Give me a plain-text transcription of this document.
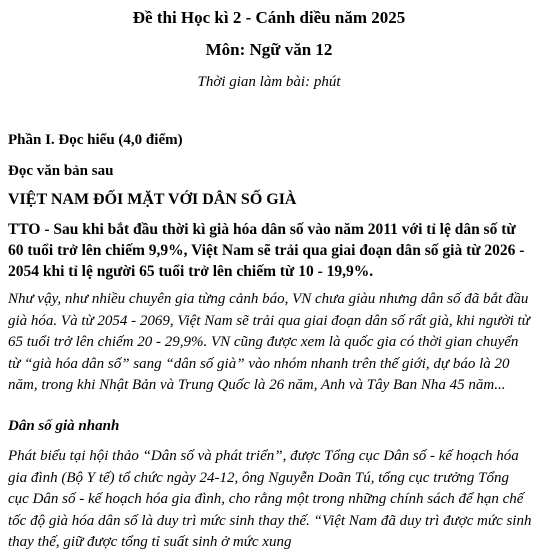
Đề thi Học kì 2 - Cánh diều năm 2025
Môn: Ngữ văn 12
Thời gian làm bài: phút
Phần I. Đọc hiểu (4,0 điểm)
Đọc văn bản sau
VIỆT NAM ĐỐI MẶT VỚI DÂN SỐ GIÀ
TTO - Sau khi bắt đầu thời kì già hóa dân số vào năm 2011 với tỉ lệ dân số từ 60 tuổi trở lên chiếm 9,9%, Việt Nam sẽ trải qua giai đoạn dân số già từ 2026 - 2054 khi tỉ lệ người 65 tuổi trở lên chiếm từ 10 - 19,9%.
Như vậy, như nhiều chuyên gia từng cảnh báo, VN chưa giàu nhưng dân số đã bắt đầu già hóa. Và từ 2054 - 2069, Việt Nam sẽ trải qua giai đoạn dân số rất già, khi người từ 65 tuổi trở lên chiếm 20 - 29,9%. VN cũng được xem là quốc gia có thời gian chuyển từ “già hóa dân số” sang “dân số già” vào nhóm nhanh trên thế giới, dự báo là 20 năm, trong khi Nhật Bản và Trung Quốc là 26 năm, Anh và Tây Ban Nha 45 năm...
Dân số già nhanh
Phát biểu tại hội thảo “Dân số và phát triển”, được Tổng cục Dân số - kế hoạch hóa gia đình (Bộ Y tế) tổ chức ngày 24-12, ông Nguyễn Doãn Tú, tổng cục trưởng Tổng cục Dân số - kế hoạch hóa gia đình, cho rằng một trong những chính sách để hạn chế tốc độ già hóa dân số là duy trì mức sinh thay thế. “Việt Nam đã duy trì được mức sinh thay thế, giữ được tổng tỉ suất sinh ở mức xung
